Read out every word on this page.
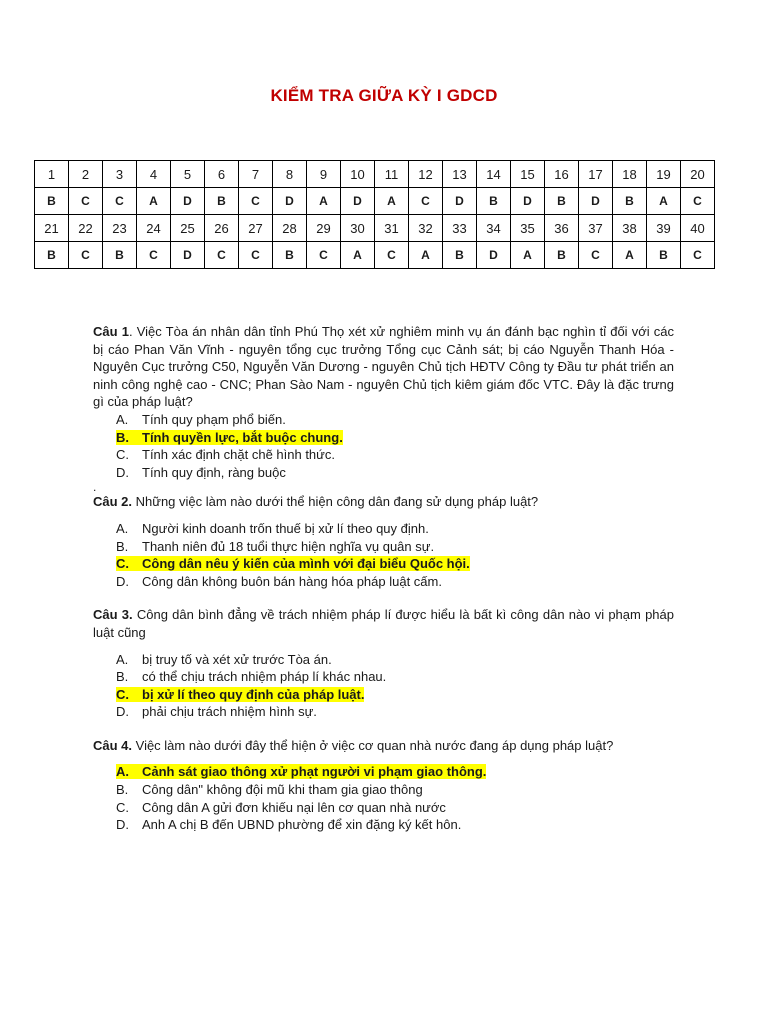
KIỂM TRA GIỮA KỲ I GDCD
1	2	3	4	5	6	7	8	9	10	11	12	13	14	15	16	17	18	19	20
B	C	C	A	D	B	C	D	A	D	A	C	D	B	D	B	D	B	A	C
21	22	23	24	25	26	27	28	29	30	31	32	33	34	35	36	37	38	39	40
B	C	B	C	D	C	C	B	C	A	C	A	B	D	A	B	C	A	B	C
Câu 1. Việc Tòa án nhân dân tỉnh Phú Thọ xét xử nghiêm minh vụ án đánh bạc nghìn tỉ đối với các bị cáo Phan Văn Vĩnh - nguyên tổng cục trưởng Tổng cục Cảnh sát; bị cáo Nguyễn Thanh Hóa - Nguyên Cục trưởng C50, Nguyễn Văn Dương - nguyên Chủ tịch HĐTV Công ty Đầu tư phát triển an ninh công nghệ cao - CNC; Phan Sào Nam - nguyên Chủ tịch kiêm giám đốc VTC. Đây là đặc trưng gì của pháp luật?
A. Tính quy phạm phổ biến.
B. Tính quyền lực, bắt buộc chung.
C. Tính xác định chặt chẽ hình thức.
D. Tính quy định, ràng buộc
.
Câu 2. Những việc làm nào dưới thể hiện công dân đang sử dụng pháp luật?
A. Người kinh doanh trốn thuế bị xử lí theo quy định.
B. Thanh niên đủ 18 tuổi thực hiện nghĩa vụ quân sự.
C. Công dân nêu ý kiến của mình với đại biểu Quốc hội.
D. Công dân không buôn bán hàng hóa pháp luật cấm.
Câu 3. Công dân bình đẳng về trách nhiệm pháp lí được hiểu là bất kì công dân nào vi phạm pháp luật cũng
A. bị truy tố và xét xử trước Tòa án.
B. có thể chịu trách nhiệm pháp lí khác nhau.
C. bị xử lí theo quy định của pháp luật.
D. phải chịu trách nhiệm hình sự.
Câu 4. Việc làm nào dưới đây thể hiện ở việc cơ quan nhà nước đang áp dụng pháp luật?
A. Cảnh sát giao thông xử phạt người vi phạm giao thông.
B. Công dân" không đội mũ khi tham gia giao thông
C. Công dân A gửi đơn khiếu nại lên cơ quan nhà nước
D. Anh A chị B đến UBND phường để xin đặng ký kết hôn.
